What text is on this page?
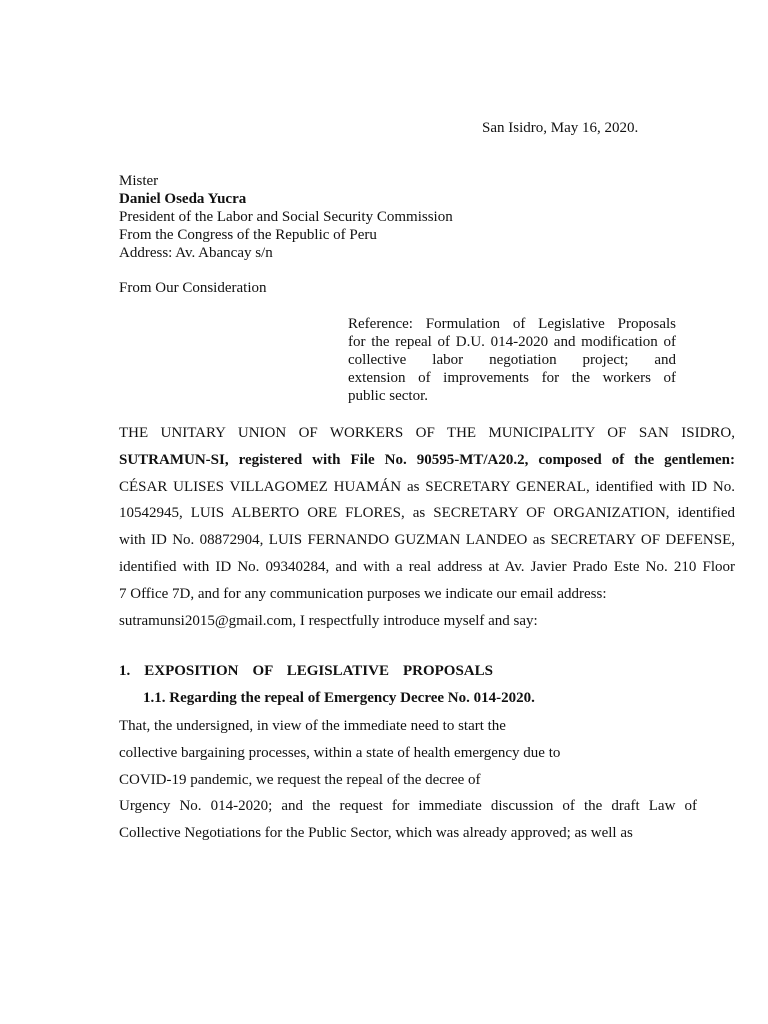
San Isidro, May 16, 2020.
Mister
Daniel Oseda Yucra
President of the Labor and Social Security Commission
From the Congress of the Republic of Peru
Address: Av. Abancay s/n
From Our Consideration
Reference: Formulation of Legislative Proposals
for the repeal of D.U. 014-2020 and modification of
collective labor negotiation project; and
extension of improvements for the workers of
public sector.
THE UNITARY UNION OF WORKERS OF THE MUNICIPALITY OF SAN ISIDRO,
SUTRAMUN-SI, registered with File No. 90595-MT/A20.2, composed of the gentlemen:
CÉSAR ULISES VILLAGOMEZ HUAMÁN as SECRETARY GENERAL, identified with ID No.
10542945, LUIS ALBERTO ORE FLORES, as SECRETARY OF ORGANIZATION, identified
with ID No. 08872904, LUIS FERNANDO GUZMAN LANDEO as SECRETARY OF DEFENSE,
identified with ID No. 09340284, and with a real address at Av. Javier Prado Este No. 210 Floor
7 Office 7D, and for any communication purposes we indicate our email address:
sutramunsi2015@gmail.com, I respectfully introduce myself and say:
1. EXPOSITION OF LEGISLATIVE PROPOSALS
1.1. Regarding the repeal of Emergency Decree No. 014-2020.
That, the undersigned, in view of the immediate need to start the
collective bargaining processes, within a state of health emergency due to
COVID-19 pandemic, we request the repeal of the decree of
Urgency No. 014-2020; and the request for immediate discussion of the draft Law of
Collective Negotiations for the Public Sector, which was already approved; as well as
